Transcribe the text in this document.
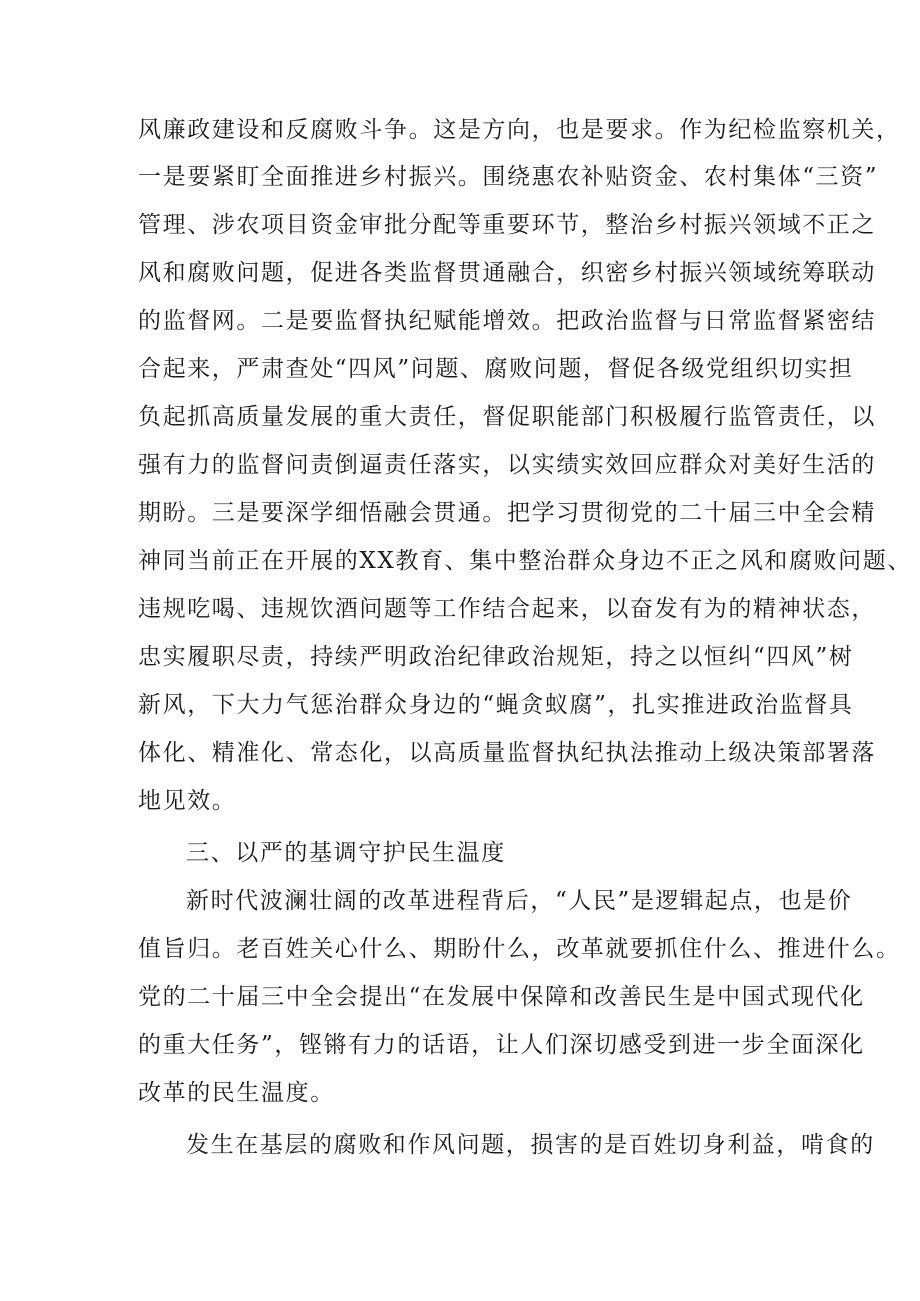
风廉政建设和反腐败斗争。这是方向，也是要求。作为纪检监察机关，

一是要紧盯全面推进乡村振兴。围绕惠农补贴资金、农村集体“三资”

管理、涉农项目资金审批分配等重要环节，整治乡村振兴领域不正之

风和腐败问题，促进各类监督贯通融合，织密乡村振兴领域统筹联动

的监督网。二是要监督执纪赋能增效。把政治监督与日常监督紧密结

合起来，严肃查处“四风”问题、腐败问题，督促各级党组织切实担

负起抓高质量发展的重大责任，督促职能部门积极履行监管责任，以

强有力的监督问责倒逼责任落实，以实绩实效回应群众对美好生活的

期盼。三是要深学细悟融会贯通。把学习贯彻党的二十届三中全会精

神同当前正在开展的XX教育、集中整治群众身边不正之风和腐败问题、

违规吃喝、违规饮酒问题等工作结合起来，以奋发有为的精神状态，

忠实履职尽责，持续严明政治纪律政治规矩，持之以恒纠“四风”树

新风，下大力气惩治群众身边的“蝇贪蚁腐”，扎实推进政治监督具

体化、精准化、常态化，以高质量监督执纪执法推动上级决策部署落

地见效。

三、以严的基调守护民生温度

新时代波澜壮阔的改革进程背后，“人民”是逻辑起点，也是价

值旨归。老百姓关心什么、期盼什么，改革就要抓住什么、推进什么。

党的二十届三中全会提出“在发展中保障和改善民生是中国式现代化

的重大任务”，铿锵有力的话语，让人们深切感受到进一步全面深化

改革的民生温度。

发生在基层的腐败和作风问题，损害的是百姓切身利益，啃食的
